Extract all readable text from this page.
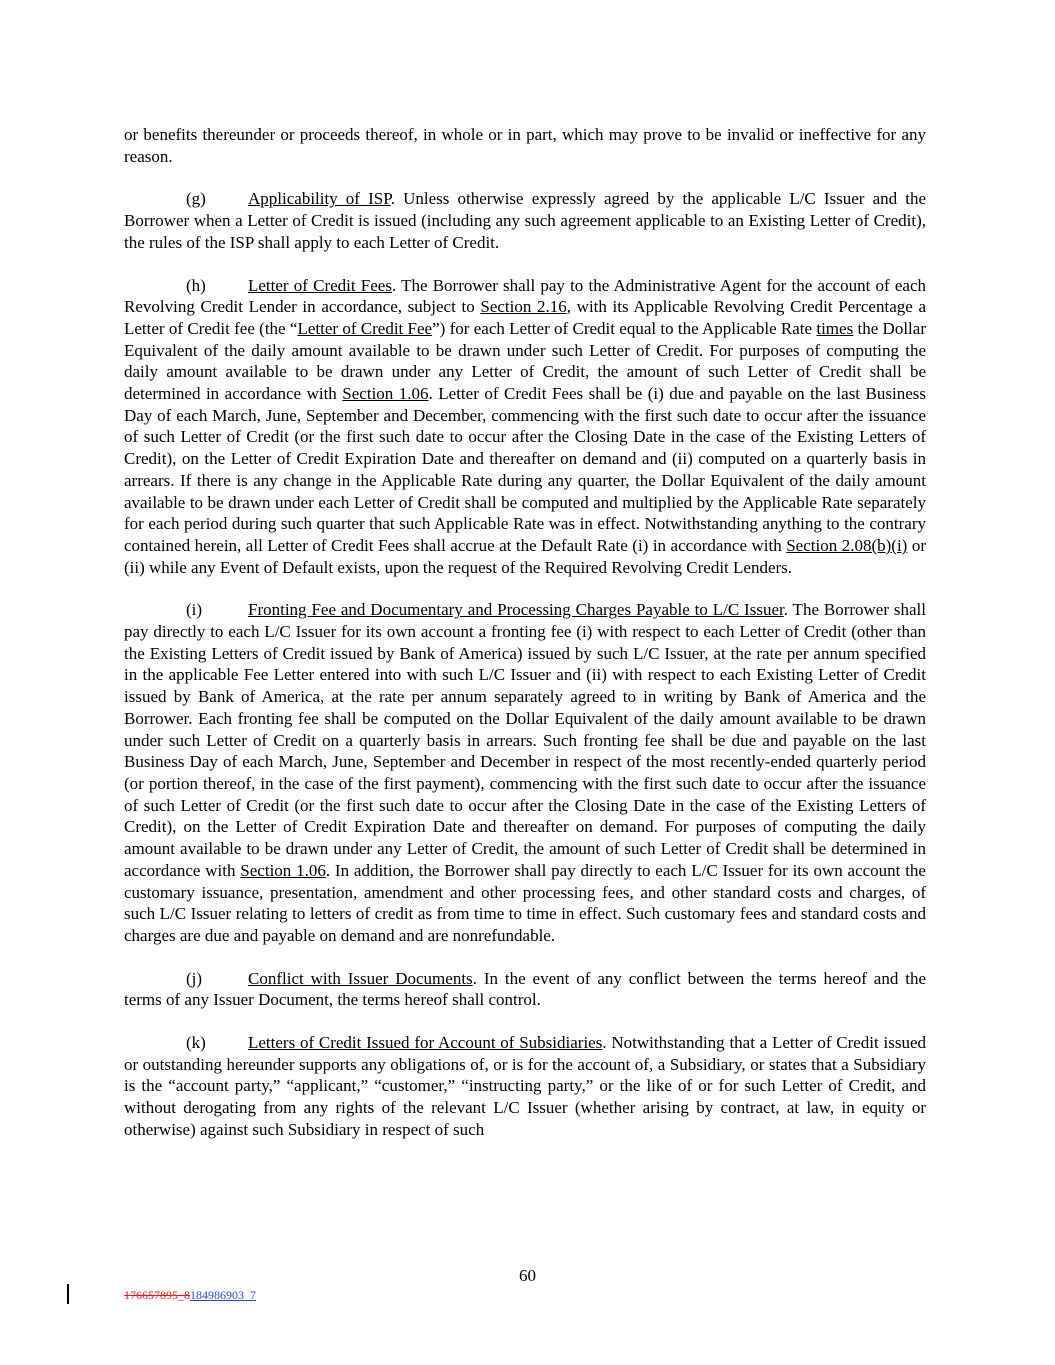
or benefits thereunder or proceeds thereof, in whole or in part, which may prove to be invalid or ineffective for any reason.

(g) Applicability of ISP. Unless otherwise expressly agreed by the applicable L/C Issuer and the Borrower when a Letter of Credit is issued (including any such agreement applicable to an Existing Letter of Credit), the rules of the ISP shall apply to each Letter of Credit.

(h) Letter of Credit Fees. The Borrower shall pay to the Administrative Agent for the account of each Revolving Credit Lender in accordance, subject to Section 2.16, with its Applicable Revolving Credit Percentage a Letter of Credit fee (the “Letter of Credit Fee”) for each Letter of Credit equal to the Applicable Rate times the Dollar Equivalent of the daily amount available to be drawn under such Letter of Credit. For purposes of computing the daily amount available to be drawn under any Letter of Credit, the amount of such Letter of Credit shall be determined in accordance with Section 1.06. Letter of Credit Fees shall be (i) due and payable on the last Business Day of each March, June, September and December, commencing with the first such date to occur after the issuance of such Letter of Credit (or the first such date to occur after the Closing Date in the case of the Existing Letters of Credit), on the Letter of Credit Expiration Date and thereafter on demand and (ii) computed on a quarterly basis in arrears. If there is any change in the Applicable Rate during any quarter, the Dollar Equivalent of the daily amount available to be drawn under each Letter of Credit shall be computed and multiplied by the Applicable Rate separately for each period during such quarter that such Applicable Rate was in effect. Notwithstanding anything to the contrary contained herein, all Letter of Credit Fees shall accrue at the Default Rate (i) in accordance with Section 2.08(b)(i) or (ii) while any Event of Default exists, upon the request of the Required Revolving Credit Lenders.

(i)	Fronting Fee and Documentary and Processing Charges Payable to L/C Issuer. The Borrower shall pay directly to each L/C Issuer for its own account a fronting fee (i) with respect to each Letter of Credit (other than the Existing Letters of Credit issued by Bank of America) issued by such L/C Issuer, at the rate per annum specified in the applicable Fee Letter entered into with such L/C Issuer and (ii) with respect to each Existing Letter of Credit issued by Bank of America, at the rate per annum separately agreed to in writing by Bank of America and the Borrower. Each fronting fee shall be computed on the Dollar Equivalent of the daily amount available to be drawn under such Letter of Credit on a quarterly basis in arrears. Such fronting fee shall be due and payable on the last Business Day of each March, June, September and December in respect of the most recently-ended quarterly period (or portion thereof, in the case of the first payment), commencing with the first such date to occur after the issuance of such Letter of Credit (or the first such date to occur after the Closing Date in the case of the Existing Letters of Credit), on the Letter of Credit Expiration Date and thereafter on demand. For purposes of computing the daily amount available to be drawn under any Letter of Credit, the amount of such Letter of Credit shall be determined in accordance with Section 1.06. In addition, the Borrower shall pay directly to each L/C Issuer for its own account the customary issuance, presentation, amendment and other processing fees, and other standard costs and charges, of such L/C Issuer relating to letters of credit as from time to time in effect. Such customary fees and standard costs and charges are due and payable on demand and are nonrefundable.

(j)	Conflict with Issuer Documents. In the event of any conflict between the terms hereof and the terms of any Issuer Document, the terms hereof shall control.

(k) Letters of Credit Issued for Account of Subsidiaries. Notwithstanding that a Letter of Credit issued or outstanding hereunder supports any obligations of, or is for the account of, a Subsidiary, or states that a Subsidiary is the “account party,” “applicant,” “customer,” “instructing party,” or the like of or for such Letter of Credit, and without derogating from any rights of the relevant L/C Issuer (whether arising by contract, at law, in equity or otherwise) against such Subsidiary in respect of such

60
176657895_8184986903_7
